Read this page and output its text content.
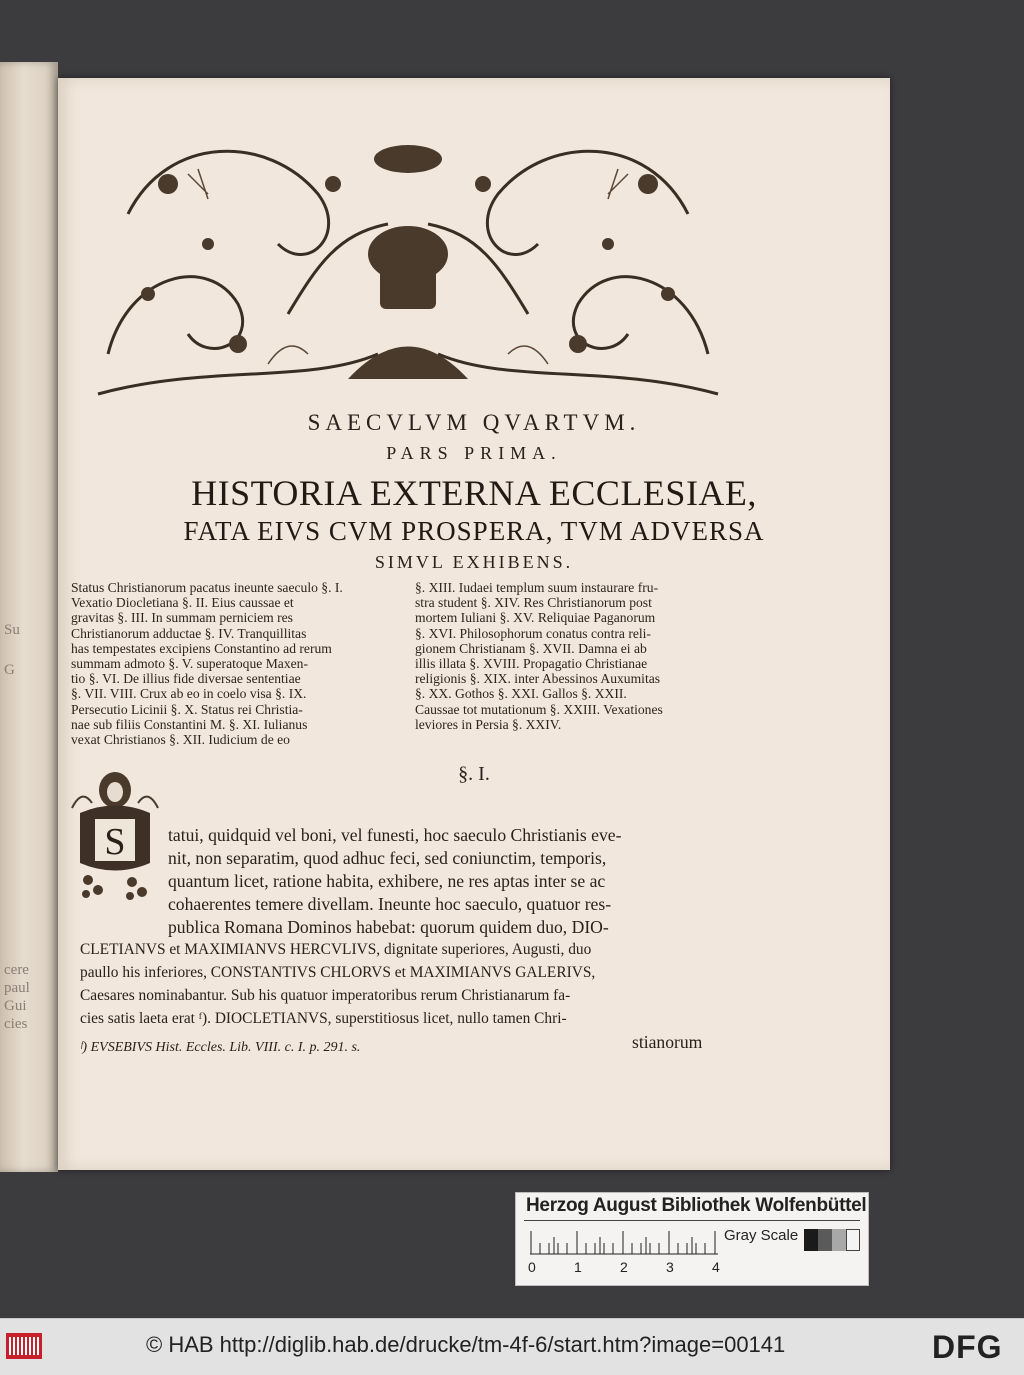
Su
G
cere
paul
Gui
cies
SAECVLVM QVARTVM.
PARS PRIMA.
HISTORIA EXTERNA ECCLESIAE,
FATA EIVS CVM PROSPERA, TVM ADVERSA
SIMVL EXHIBENS.
Status Christianorum pacatus ineunte saeculo §. I.
Vexatio Diocletiana §. II. Eius caussae et
gravitas §. III. In summam perniciem res
Christianorum adductae §. IV. Tranquillitas
has tempestates excipiens Constantino ad rerum
summam admoto §. V. superatoque Maxen-
tio §. VI. De illius fide diversae sententiae
§. VII. VIII. Crux ab eo in coelo visa §. IX.
Persecutio Licinii §. X. Status rei Christia-
nae sub filiis Constantini M. §. XI. Iulianus
vexat Christianos §. XII. Iudicium de eo
§. XIII. Iudaei templum suum instaurare fru-
stra student §. XIV. Res Christianorum post
mortem Iuliani §. XV. Reliquiae Paganorum
§. XVI. Philosophorum conatus contra reli-
gionem Christianam §. XVII. Damna ei ab
illis illata §. XVIII. Propagatio Christianae
religionis §. XIX. inter Abessinos Auxumitas
§. XX. Gothos §. XXI. Gallos §. XXII.
Caussae tot mutationum §. XXIII. Vexationes
leviores in Persia §. XXIV.
§. I.
S tatui, quidquid vel boni, vel funesti, hoc saeculo Christianis eve-
nit, non separatim, quod adhuc feci, sed coniunctim, temporis,
quantum licet, ratione habita, exhibere, ne res aptas inter se ac
cohaerentes temere divellam. Ineunte hoc saeculo, quatuor res-
publica Romana Dominos habebat: quorum quidem duo, DIO-
CLETIANVS et MAXIMIANVS HERCVLIVS, dignitate superiores, Augusti, duo
paullo his inferiores, CONSTANTIVS CHLORVS et MAXIMIANVS GALERIVS,
Caesares nominabantur. Sub his quatuor imperatoribus rerum Christianarum fa-
cies satis laeta erat ᶠ). DIOCLETIANVS, superstitiosus licet, nullo tamen Chri-
stianorum
ᶠ) EVSEBIVS Hist. Eccles. Lib. VIII. c. I. p. 291. s.
Herzog August Bibliothek Wolfenbüttel
0	1	2	3	4
Gray Scale
© HAB http://diglib.hab.de/drucke/tm-4f-6/start.htm?image=00141	DFG
